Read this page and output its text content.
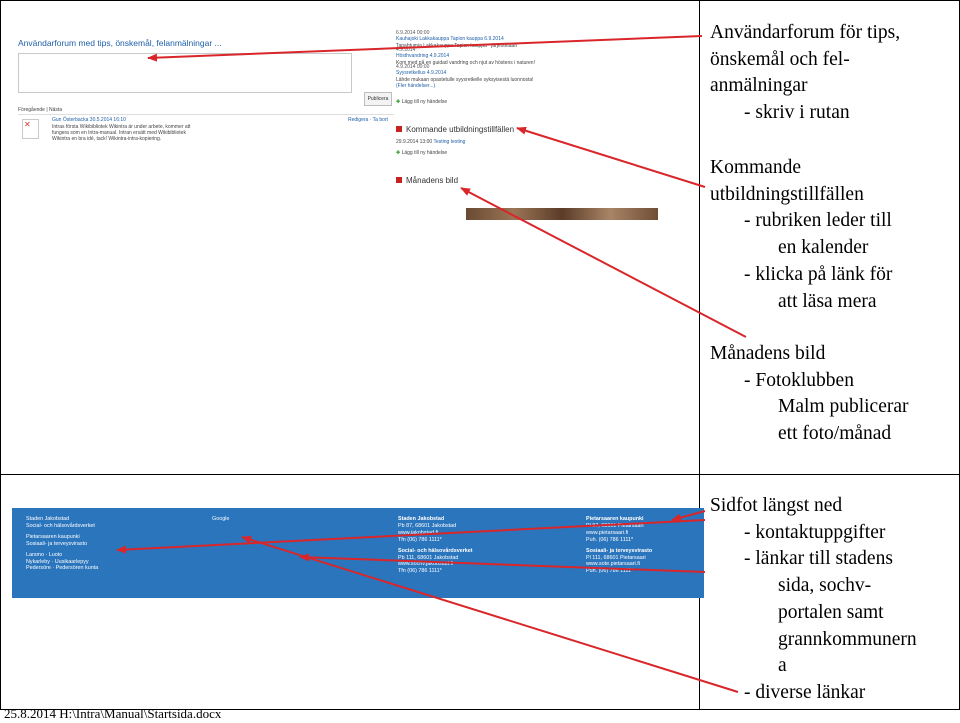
Användarforum med tips, önskemål, felanmälningar ...
Publicera
Föregående | Nästa
✕	Gun Österbacka 30.5.2014 16:10
Intras första Wikibibliotek Wikintra är under arbete, kommer att fungera som en Intra-manual. Intran ersätt med Wikibibliotek Wikintra en bra idé, tack! Wikintra-intra-kopiering.
Redigera · Ta bort
6.9.2014 00:00
Kauhajoki Lakkakauppa Tapion kauppa 6.9.2014
Tapahtumia Lakkakauppa Tapion kauppa · järjestetään
4.9.2014
Hösthvandring 4.9.2014
Kom med på en guidad vandring och njut av höstens i naturen!
4.9.2014 00:00
Syysretkellus 4.9.2014
Lähde mukaan opastetulle syysretkelle syksyisestä luonnosta!
(Fler händelser...)
✚ Lägg till ny händelse
Kommande utbildningstillfällen
29.9.2014 13:00 Testing testing
✚ Lägg till ny händelse
Månadens bild
Staden Jakobstad
Social- och hälsovårdsverket
Pietarsaaren kaupunki
Sosiaali- ja terveysvirasto
Larsmo · Luoto
Nykarleby · Uusikaarlepyy
Pedersöre · Pedersören kunta
Google	Staden Jakobstad
Pb 87, 68601 Jakobstad
www.jakobstad.fi
Tfn (06) 786 1111*
Social- och hälsovårdsverket
Pb 111, 68601 Jakobstad
www.sochv.jakobstad.fi
Tfn (06) 786 1111*
Pietarsaaren kaupunki
Pl 87, 68601 Pietarsaari
www.pietarsaari.fi
Puh. (06) 786 1111*
Sosiaali- ja terveysvirasto
Pl 111, 68601 Pietarsaari
www.sote.pietarsaari.fi
Puh. (06) 786 1111*
Användarforum för tips,
önskemål och fel-
anmälningar
- skriv i rutan
Kommande
utbildningstillfällen
- rubriken leder till
en kalender
- klicka på länk för
att läsa mera
Månadens bild
- Fotoklubben
Malm publicerar
ett foto/månad
Sidfot längst ned
- kontaktuppgifter
- länkar till stadens
sida, sochv-
portalen samt
grannkommunern
a
- diverse länkar
25.8.2014 H:\Intra\Manual\Startsida.docx
